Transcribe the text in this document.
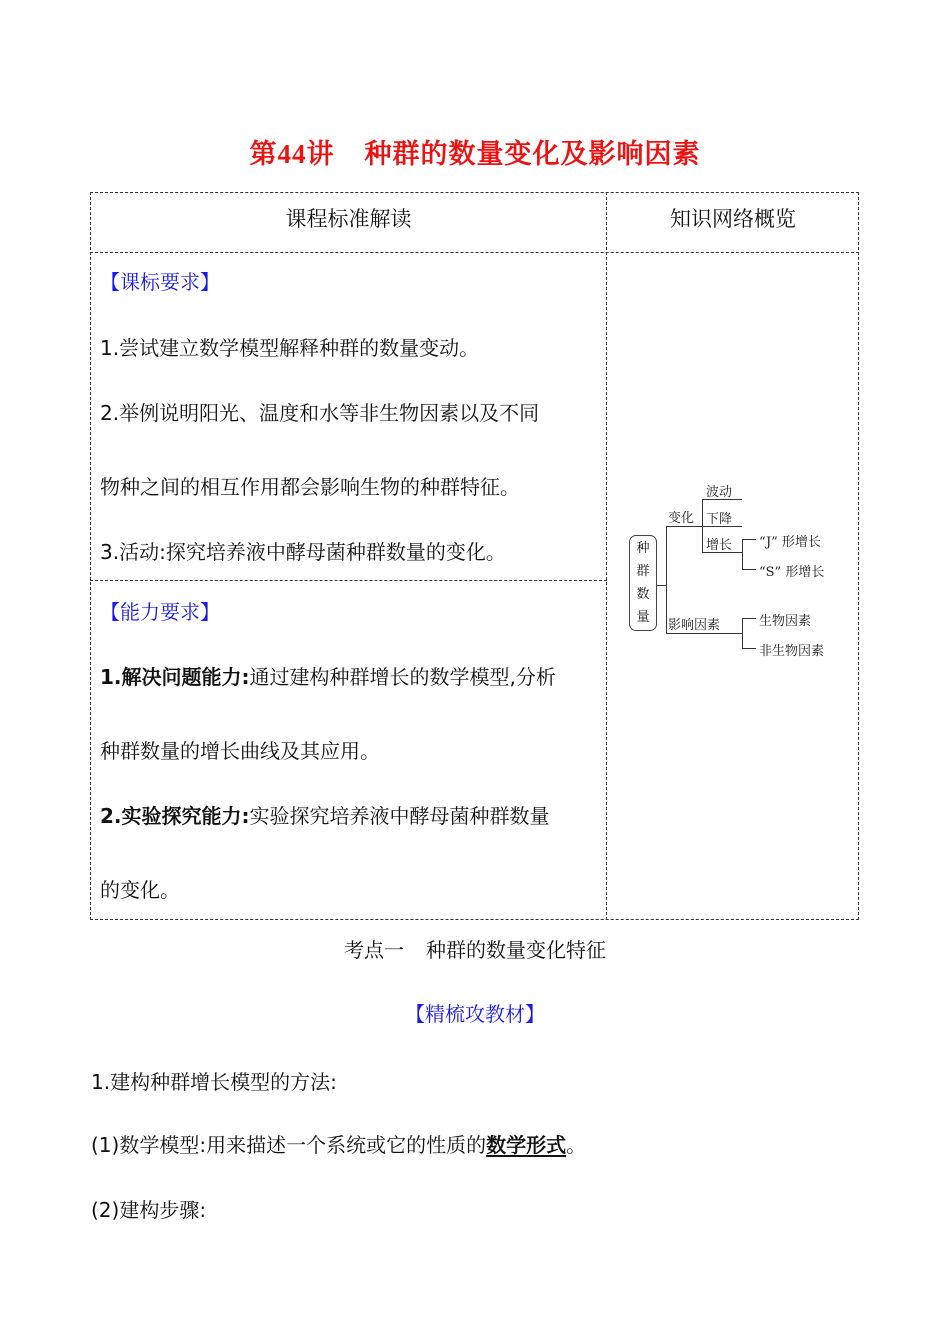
第44讲 种群的数量变化及影响因素
课程标准解读	知识网络概览
【课标要求】
1.尝试建立数学模型解释种群的数量变动。
2.举例说明阳光、温度和水等非生物因素以及不同
物种之间的相互作用都会影响生物的种群特征。
3.活动:探究培养液中酵母菌种群数量的变化。
【能力要求】
1.解决问题能力:通过建构种群增长的数学模型,分析
种群数量的增长曲线及其应用。
2.实验探究能力:实验探究培养液中酵母菌种群数量
的变化。
种
群
数
量
变化
影响因素
波动
下降
增长 “J” 形增长
“S” 形增长
生物因素
非生物因素
考点一 种群的数量变化特征
【精梳攻教材】
1.建构种群增长模型的方法:
(1)数学模型:用来描述一个系统或它的性质的数学形式。
(2)建构步骤:
